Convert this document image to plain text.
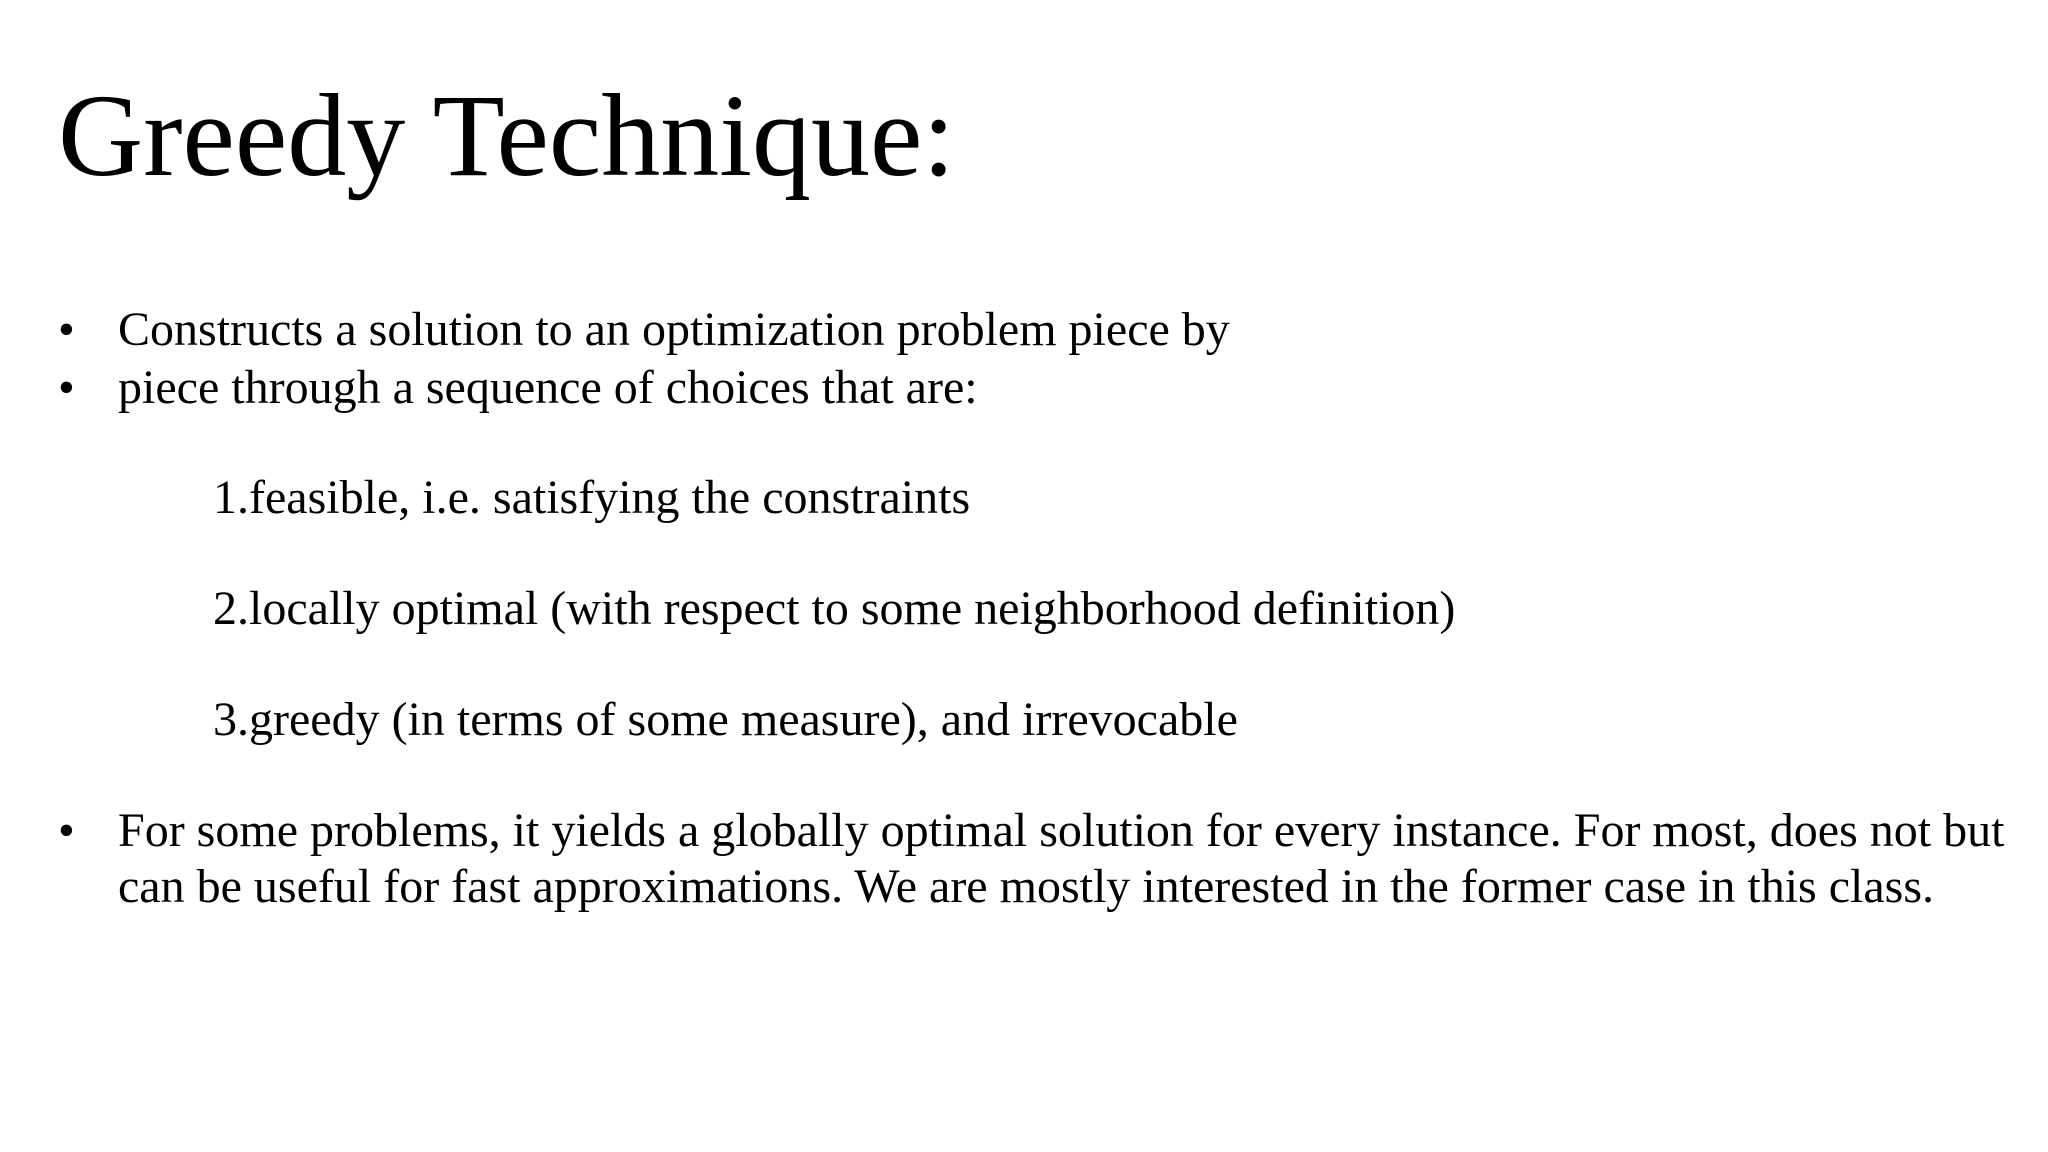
Greedy Technique:
• Constructs a solution to an optimization problem piece by
• piece through a sequence of choices that are:
1.feasible, i.e. satisfying the constraints
2.locally optimal (with respect to some neighborhood definition)
3.greedy (in terms of some measure), and irrevocable
• For some problems, it yields a globally optimal solution for every instance. For most, does not but can be useful for fast approximations. We are mostly interested in the former case in this class.
